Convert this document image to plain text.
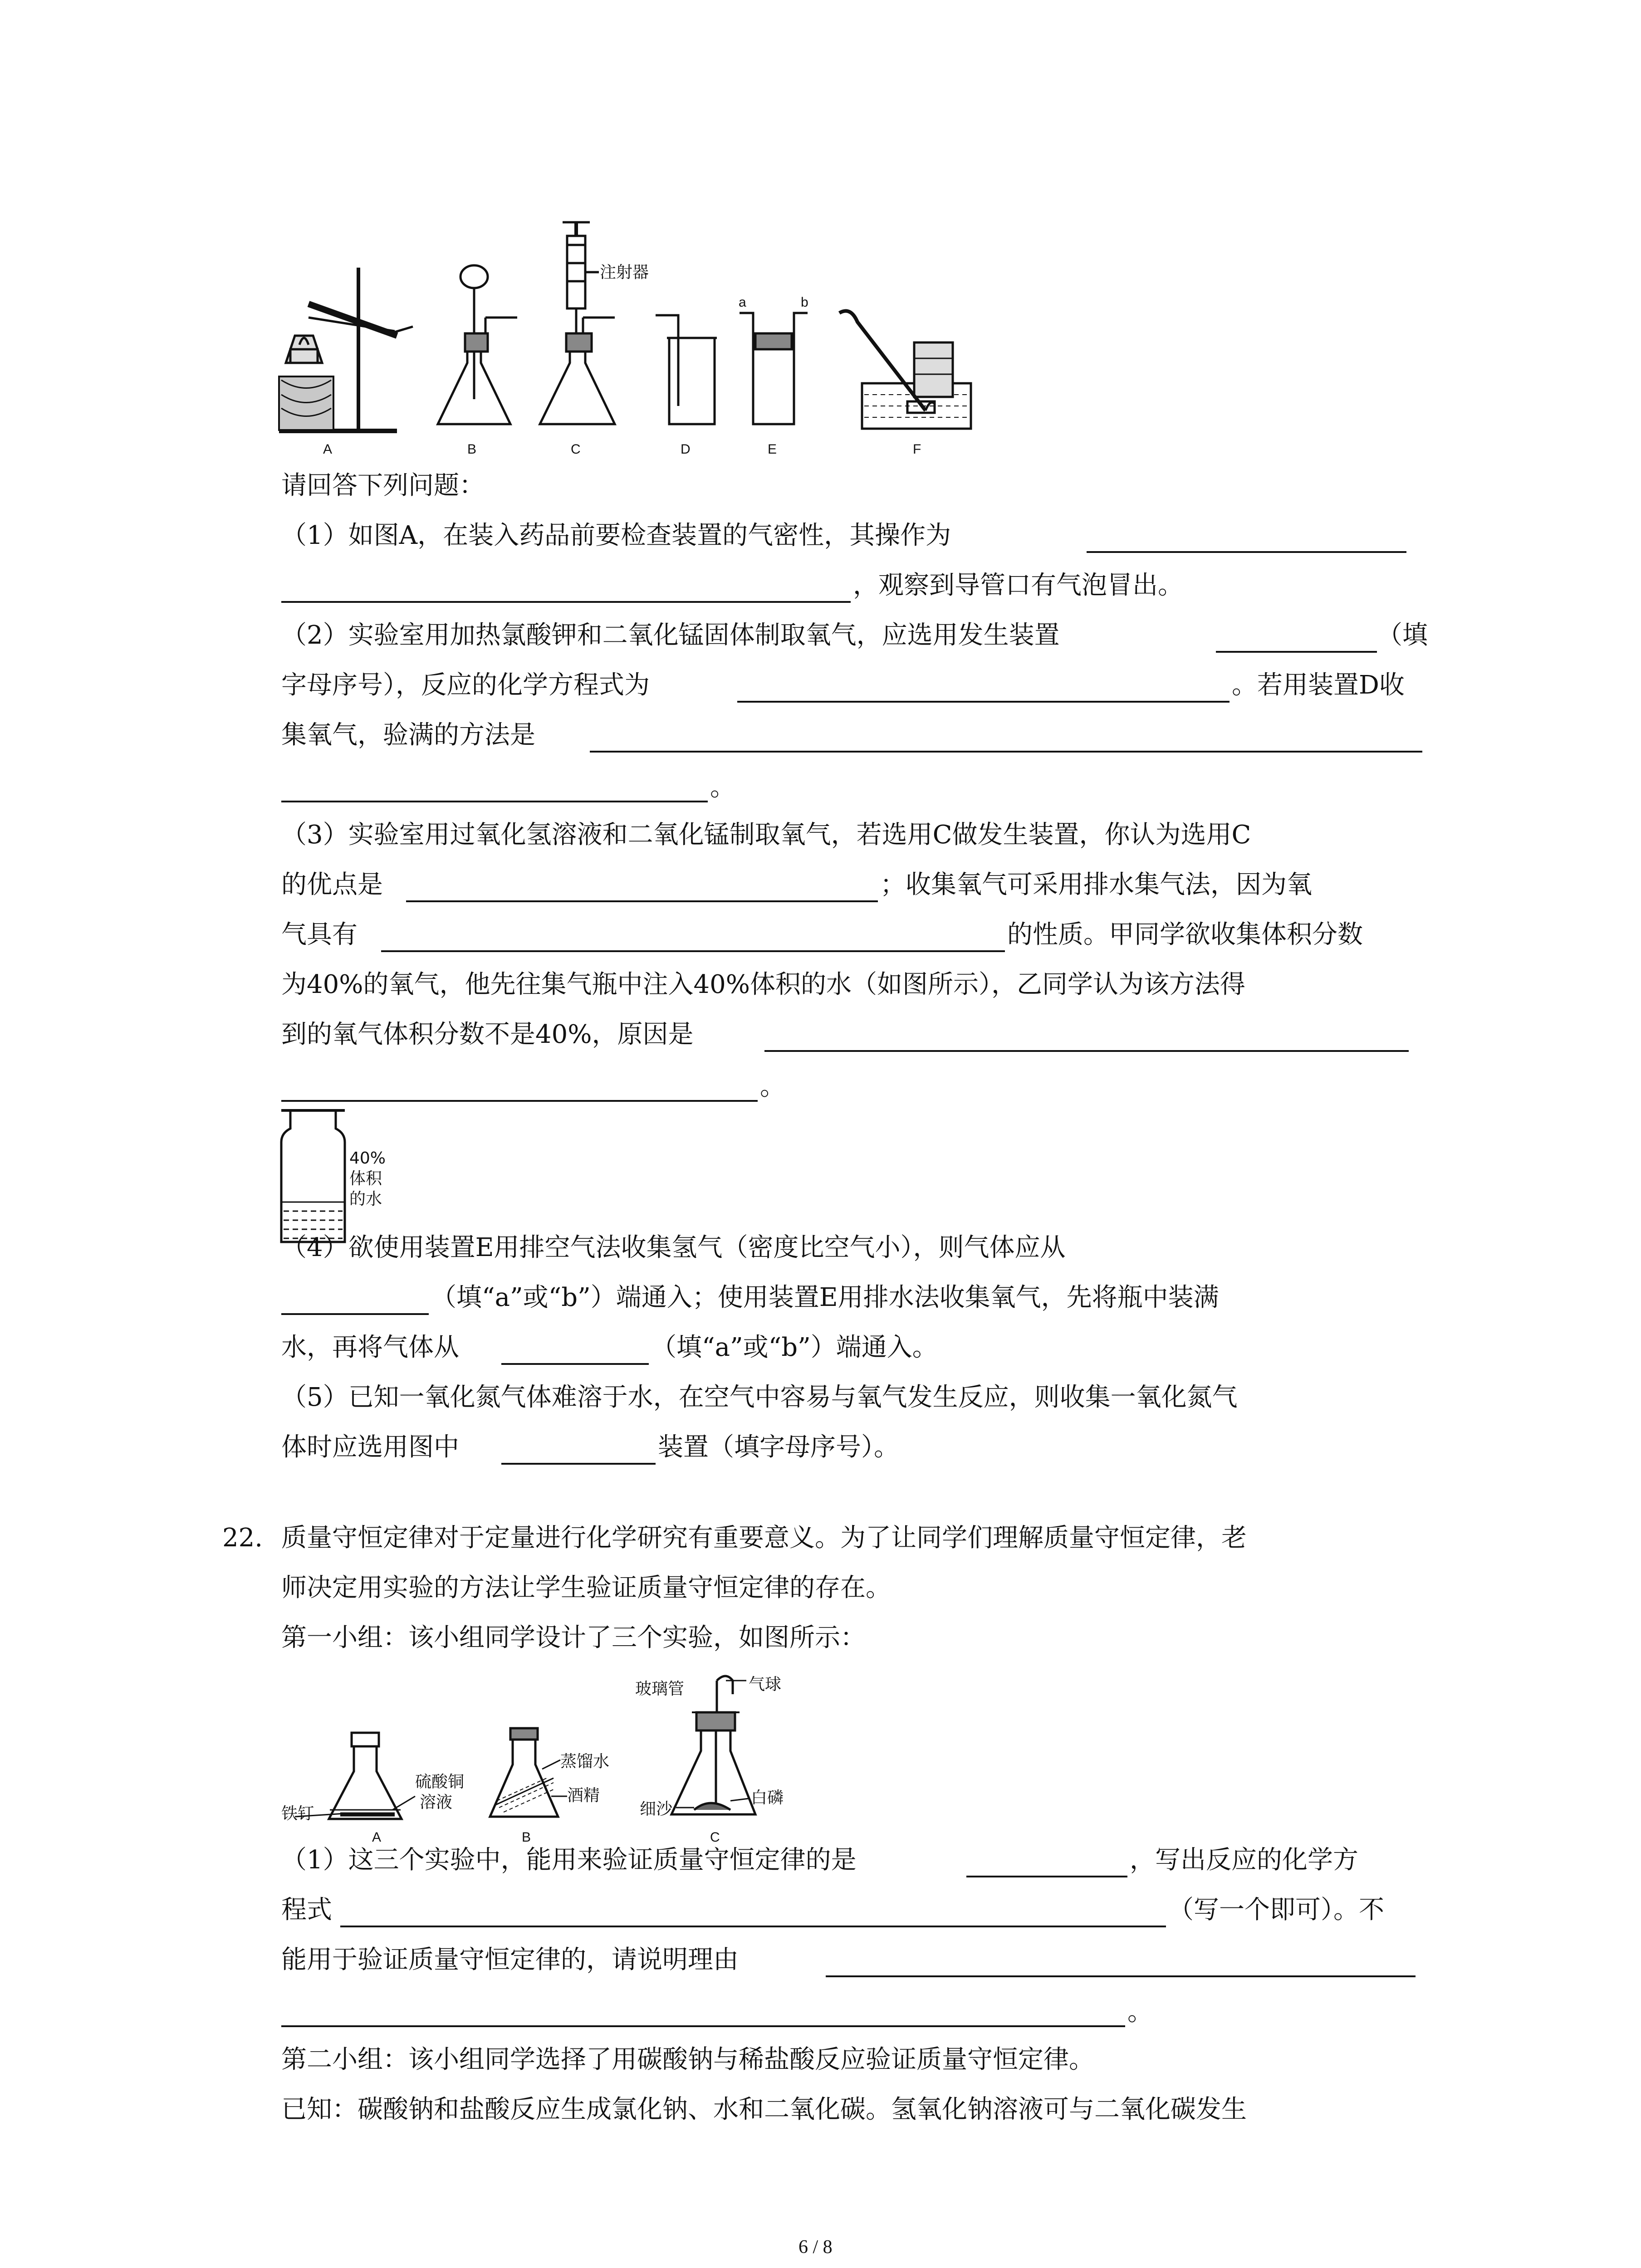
A	B
注射器
C	D
a	b
E	F
请回答下列问题：
（1）如图A，在装入药品前要检查装置的气密性，其操作为
，观察到导管口有气泡冒出。
（2）实验室用加热氯酸钾和二氧化锰固体制取氧气，应选用发生装置	（填
字母序号），反应的化学方程式为	。若用装置D收
集氧气，验满的方法是
。
（3）实验室用过氧化氢溶液和二氧化锰制取氧气，若选用C做发生装置，你认为选用C
的优点是	；收集氧气可采用排水集气法，因为氧
气具有	的性质。甲同学欲收集体积分数
为40%的氧气，他先往集气瓶中注入40%体积的水（如图所示），乙同学认为该方法得
到的氧气体积分数不是40%，原因是
。
40%
体积
的水
（4）欲使用装置E用排空气法收集氢气（密度比空气小），则气体应从
（填“a”或“b”）端通入；使用装置E用排水法收集氧气，先将瓶中装满
水，再将气体从	（填“a”或“b”）端通入。
（5）已知一氧化氮气体难溶于水，在空气中容易与氧气发生反应，则收集一氧化氮气
体时应选用图中	装置（填字母序号）。
22. 质量守恒定律对于定量进行化学研究有重要意义。为了让同学们理解质量守恒定律，老
师决定用实验的方法让学生验证质量守恒定律的存在。
第一小组：该小组同学设计了三个实验，如图所示：
硫酸铜
溶液
铁钉
A
蒸馏水
酒精
B
玻璃管	气球
细沙
白磷
C
（1）这三个实验中，能用来验证质量守恒定律的是	，写出反应的化学方
程式	（写一个即可）。不
能用于验证质量守恒定律的，请说明理由
。
第二小组：该小组同学选择了用碳酸钠与稀盐酸反应验证质量守恒定律。
已知：碳酸钠和盐酸反应生成氯化钠、水和二氧化碳。氢氧化钠溶液可与二氧化碳发生
6 / 8
